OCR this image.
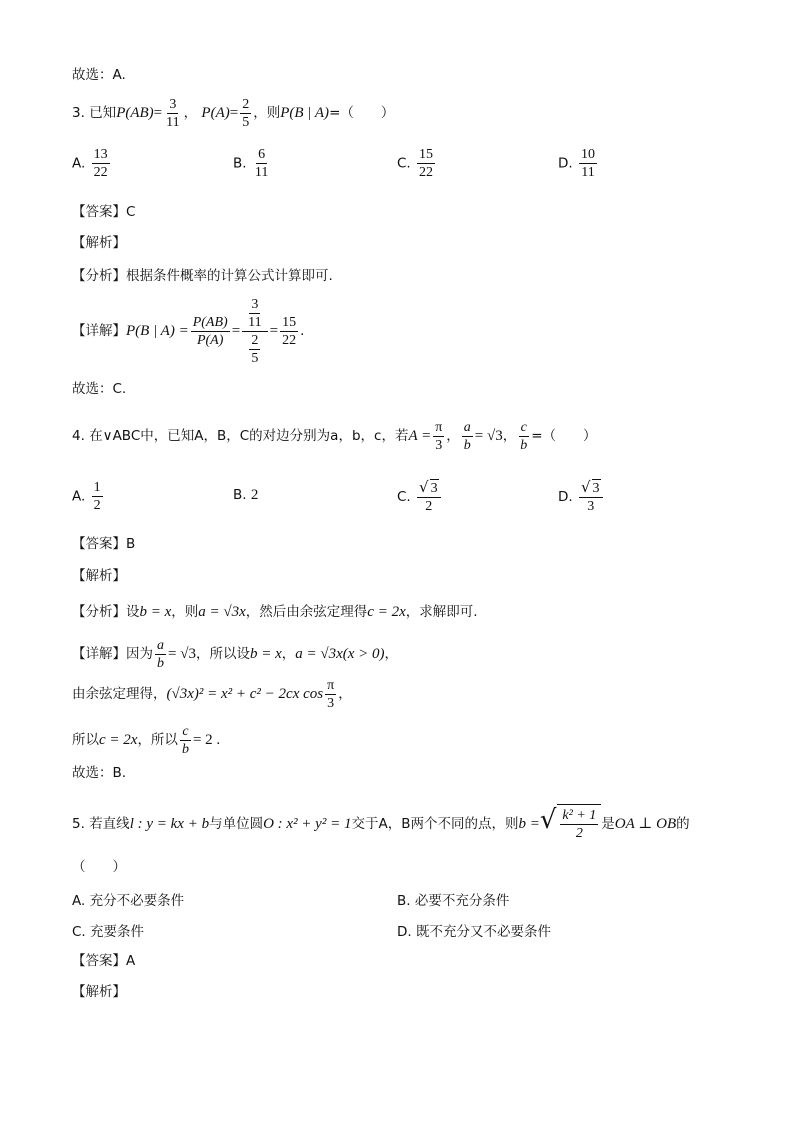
故选：A.
3. 已知$P(AB)= \frac{3}{11}$ ， $P(A)= \frac{2}{5}$ ，则P(B | A)=（　　）
A. $\frac{13}{22}$	B. $\frac{6}{11}$	C. $\frac{15}{22}$	D. $\frac{10}{11}$
【答案】C
【解析】
【分析】根据条件概率的计算公式计算即可.
【详解】 P(B | $A) = \frac{P(AB)}{P(A)} = \frac{\frac{3}{11}}{\frac{2}{5}} = \frac{15}{22}$ .
故选：C.
4. 在∨ABC中，已知A，B，C的对边分别为a，b，c，若$A = \frac{\pi}{3}$ ， $\frac{a}{b} = √3$， $\frac{c}{b}$ =（　　）
A. $\frac{1}{2}$	B. 2	C. $\frac{√ 3}{2}$	D. $\frac{√ 3}{3}$
【答案】B
【解析】
【分析】设b = x，则a = √3x，然后由余弦定理得c = 2x，求解即可.
【详解】因为 $\frac{a}{b} = √3$，所以设b = x，a = √3x(x > 0)，
由余弦定理得，(√3x)² = x² + c² − 2cx $\cos \frac{\pi}{3}$ ，
所以c = 2x，所以 $\frac{c}{b} = 2$ .
故选：B.
5. 若直线l : y = kx + b与单位圆O : x² + y² = 1交于A，B两个不同的点，则b =√ $\frac{\text{k² + 1}}{2}$ 是OA ⊥ OB的
（　　）
A. 充分不必要条件	B. 必要不充分条件
C. 充要条件	D. 既不充分又不必要条件
【答案】A
【解析】
